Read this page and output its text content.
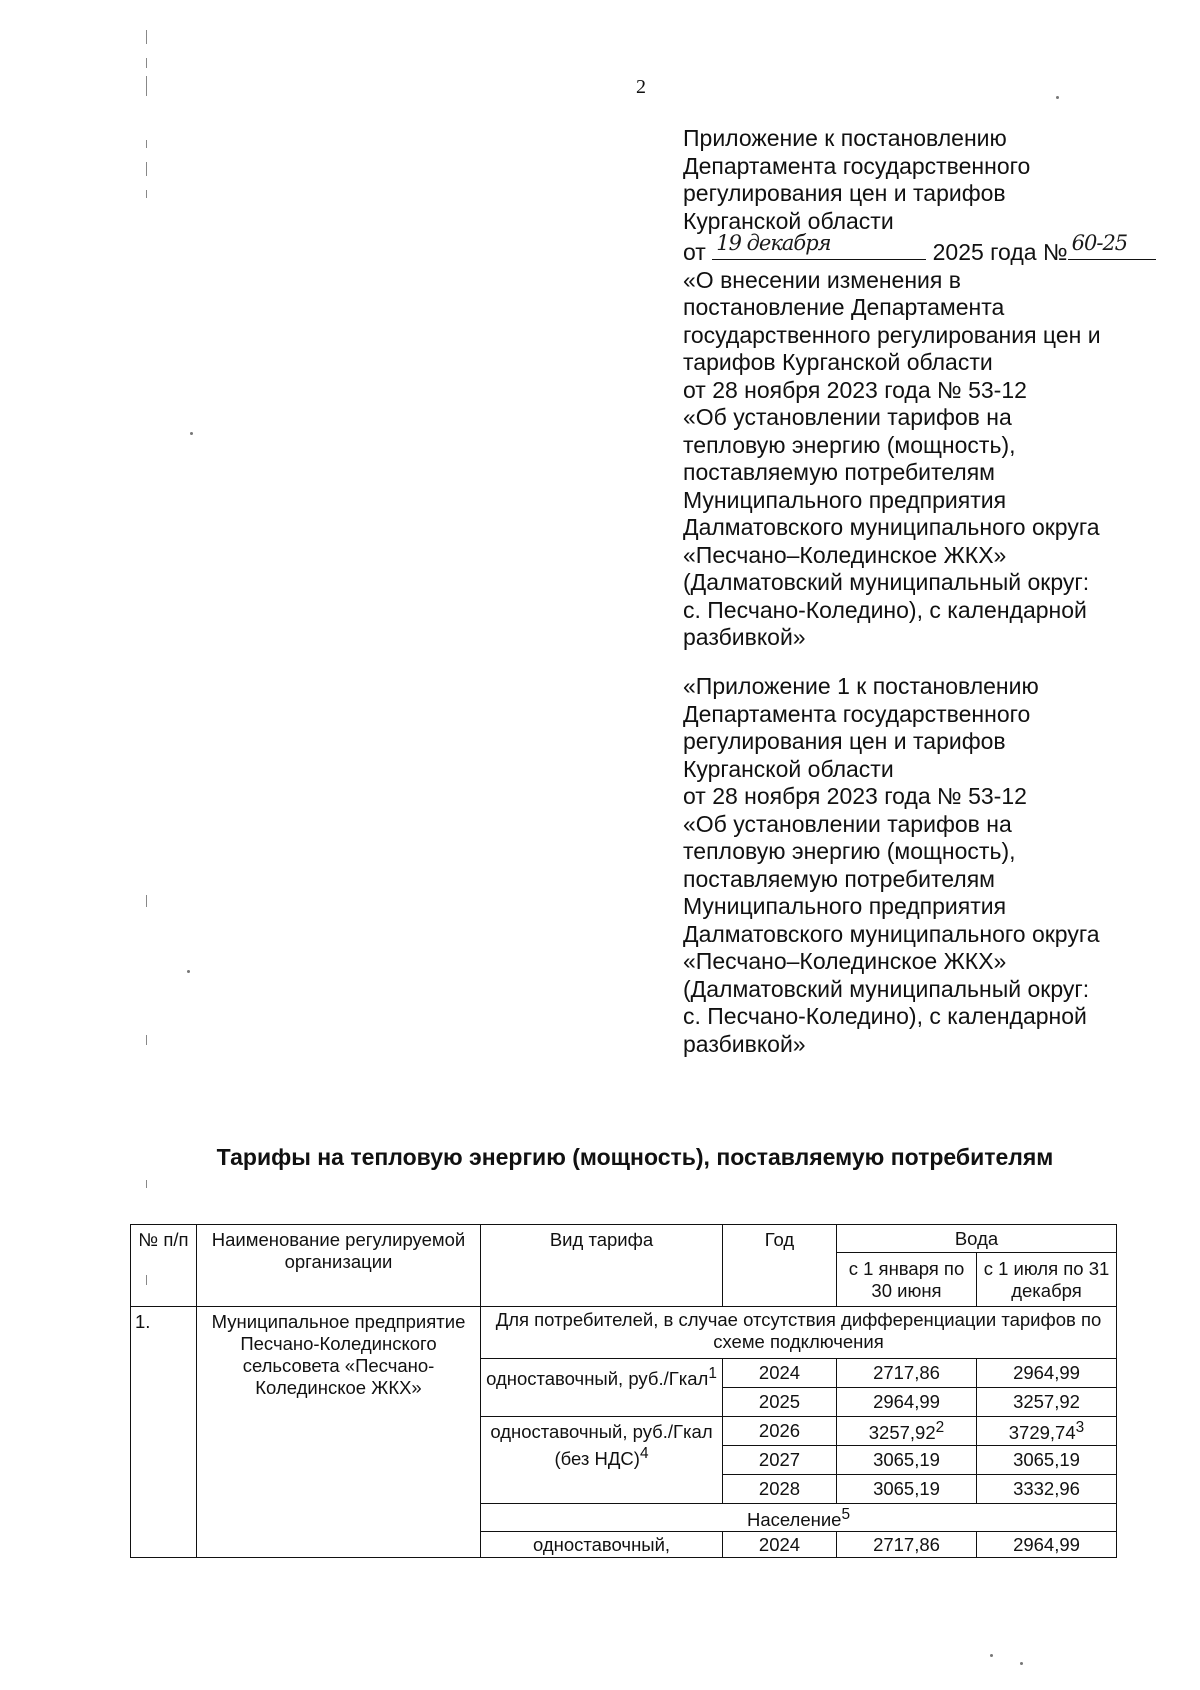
2
Приложение к постановлению
Департамента государственного
регулирования цен и тарифов
Курганской области
от 19 декабря	2025 года № 60-25
«О внесении изменения в
постановление Департамента
государственного регулирования цен и
тарифов Курганской области
от 28 ноября 2023 года № 53-12
«Об установлении тарифов на
тепловую энергию (мощность),
поставляемую потребителям
Муниципального предприятия
Далматовского муниципального округа
«Песчано–Колединское ЖКХ»
(Далматовский муниципальный округ:
с. Песчано-Коледино), с календарной
разбивкой»
«Приложение 1 к постановлению
Департамента государственного
регулирования цен и тарифов
Курганской области
от 28 ноября 2023 года № 53-12
«Об установлении тарифов на
тепловую энергию (мощность),
поставляемую потребителям
Муниципального предприятия
Далматовского муниципального округа
«Песчано–Колединское ЖКХ»
(Далматовский муниципальный округ:
с. Песчано-Коледино), с календарной
разбивкой»
Тарифы на тепловую энергию (мощность), поставляемую потребителям
№ п/п	Наименование регулируемой организации	Вид тарифа	Год	Вода	
				с 1 января по 30 июня	с 1 июля по 31 декабря
1.	Муниципальное предприятие Песчано-Колединского сельсовета «Песчано-Колединское ЖКХ»	Для потребителей, в случае отсутствия дифференциации тарифов по схеме подключения			
		одноставочный, руб./Гкал$^1$	2024	2717,86	2964,99
			2025	2964,99	3257,92
		одноставочный, руб./Гкал (без НДС)$^4$	2026	3257,92$^2$	3729,74$^3$
			2027	3065,19	3065,19
			2028	3065,19	3332,96
		Население$^5$
		одноставочный,	2024	2717,86	2964,99
